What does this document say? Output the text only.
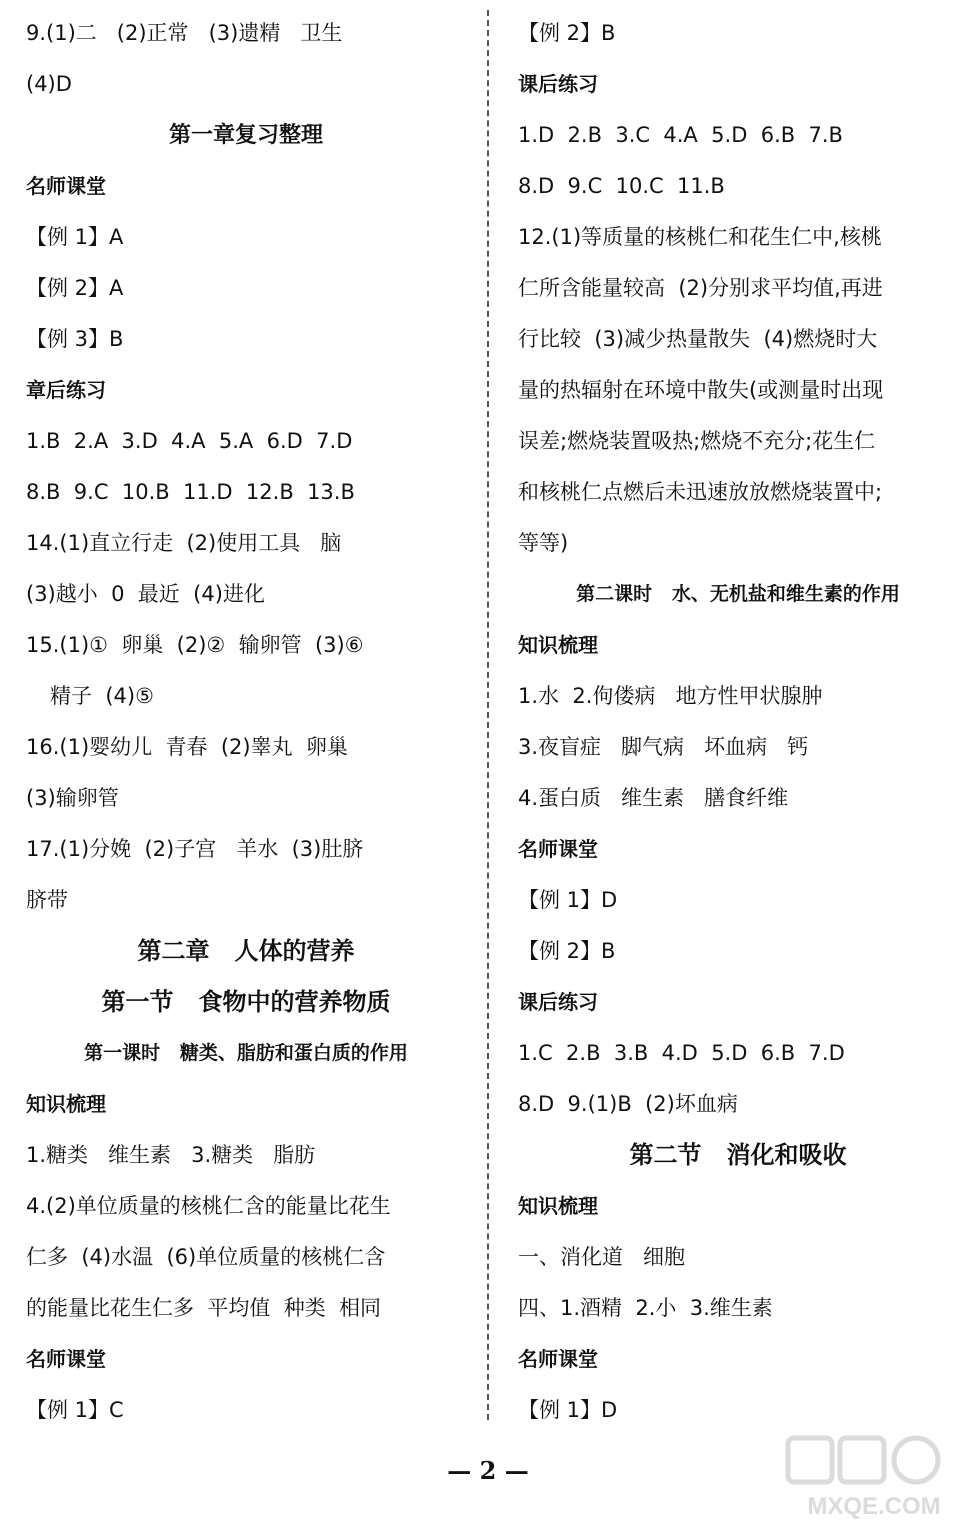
9.(1)二   (2)正常   (3)遗精   卫生
(4)D
第一章复习整理
名师课堂
【例 1】A
【例 2】A
【例 3】B
章后练习
1.B  2.A  3.D  4.A  5.A  6.D  7.D
8.B  9.C  10.B  11.D  12.B  13.B
14.(1)直立行走  (2)使用工具   脑
(3)越小  0  最近  (4)进化
15.(1)①  卵巢  (2)②  输卵管  (3)⑥
精子  (4)⑤
16.(1)婴幼儿  青春  (2)睾丸  卵巢
(3)输卵管
17.(1)分娩  (2)子宫   羊水  (3)肚脐
脐带
第二章   人体的营养
第一节   食物中的营养物质
第一课时   糖类、脂肪和蛋白质的作用
知识梳理
1.糖类   维生素   3.糖类   脂肪
4.(2)单位质量的核桃仁含的能量比花生
仁多  (4)水温  (6)单位质量的核桃仁含
的能量比花生仁多  平均值  种类  相同
名师课堂
【例 1】C
【例 2】B
课后练习
1.D  2.B  3.C  4.A  5.D  6.B  7.B
8.D  9.C  10.C  11.B
12.(1)等质量的核桃仁和花生仁中,核桃
仁所含能量较高  (2)分别求平均值,再进
行比较  (3)减少热量散失  (4)燃烧时大
量的热辐射在环境中散失(或测量时出现
误差;燃烧装置吸热;燃烧不充分;花生仁
和核桃仁点燃后未迅速放放燃烧装置中;
等等)
第二课时   水、无机盐和维生素的作用
知识梳理
1.水  2.佝偻病   地方性甲状腺肿
3.夜盲症   脚气病   坏血病   钙
4.蛋白质   维生素   膳食纤维
名师课堂
【例 1】D
【例 2】B
课后练习
1.C  2.B  3.B  4.D  5.D  6.B  7.D
8.D  9.(1)B  (2)坏血病
第二节   消化和吸收
知识梳理
一、消化道   细胞
四、1.酒精  2.小  3.维生素
名师课堂
【例 1】D
— 2 —
MXQE.COM
